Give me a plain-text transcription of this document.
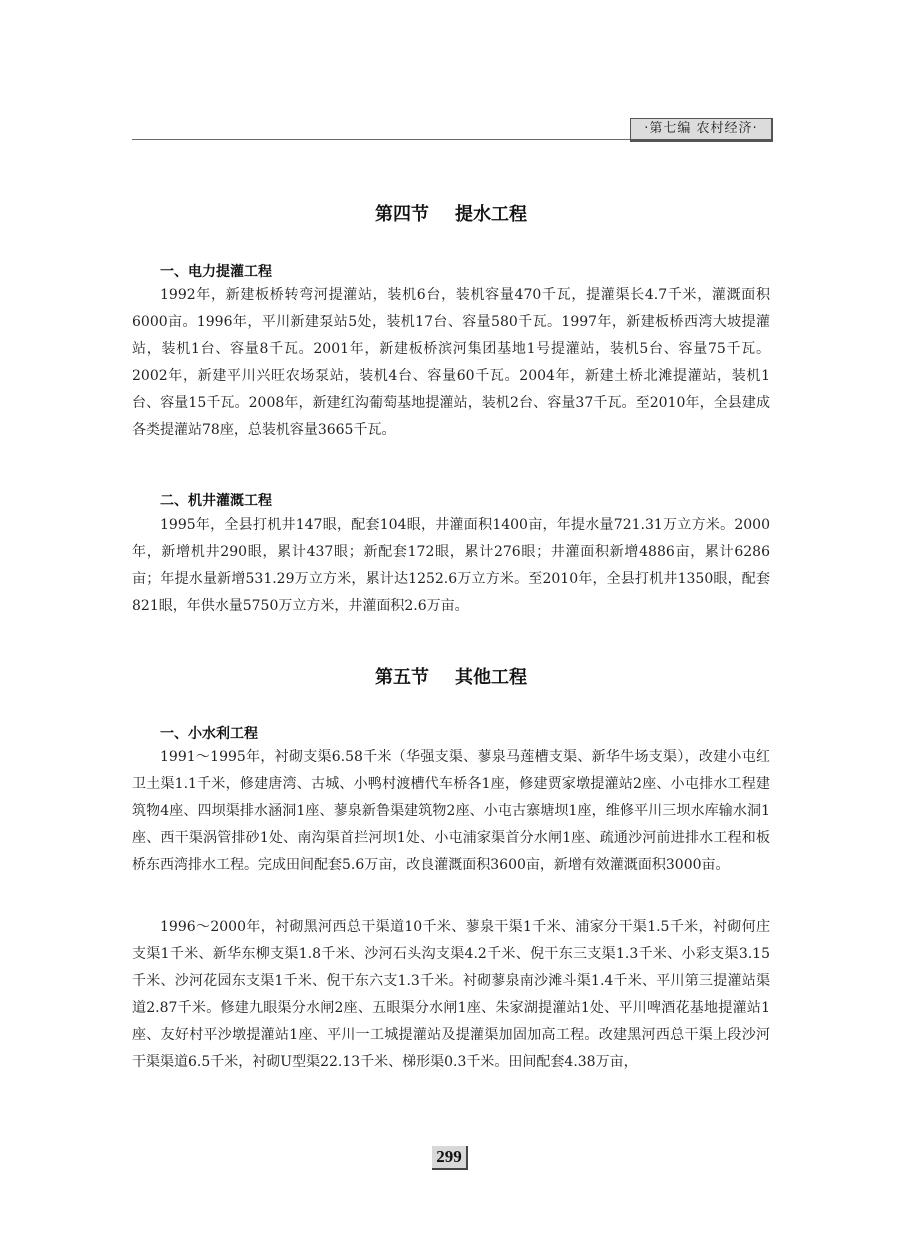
·第七编 农村经济·
第四节 提水工程
一、电力提灌工程
1992年，新建板桥转弯河提灌站，装机6台，装机容量470千瓦，提灌渠长4.7千米，灌溉面积6000亩。1996年，平川新建泵站5处，装机17台、容量580千瓦。1997年，新建板桥西湾大坡提灌站，装机1台、容量8千瓦。2001年，新建板桥滨河集团基地1号提灌站，装机5台、容量75千瓦。2002年，新建平川兴旺农场泵站，装机4台、容量60千瓦。2004年，新建土桥北滩提灌站，装机1台、容量15千瓦。2008年，新建红沟葡萄基地提灌站，装机2台、容量37千瓦。至2010年，全县建成各类提灌站78座，总装机容量3665千瓦。
二、机井灌溉工程
1995年，全县打机井147眼，配套104眼，井灌面积1400亩，年提水量721.31万立方米。2000年，新增机井290眼，累计437眼；新配套172眼，累计276眼；井灌面积新增4886亩，累计6286亩；年提水量新增531.29万立方米，累计达1252.6万立方米。至2010年，全县打机井1350眼，配套821眼，年供水量5750万立方米，井灌面积2.6万亩。
第五节 其他工程
一、小水利工程
1991～1995年，衬砌支渠6.58千米（华强支渠、蓼泉马莲槽支渠、新华牛场支渠），改建小屯红卫土渠1.1千米，修建唐湾、古城、小鸭村渡槽代车桥各1座，修建贾家墩提灌站2座、小屯排水工程建筑物4座、四坝渠排水涵洞1座、蓼泉新鲁渠建筑物2座、小屯古寨塘坝1座，维修平川三坝水库输水洞1座、西干渠涡管排砂1处、南沟渠首拦河坝1处、小屯浦家渠首分水闸1座、疏通沙河前进排水工程和板桥东西湾排水工程。完成田间配套5.6万亩，改良灌溉面积3600亩，新增有效灌溉面积3000亩。
1996～2000年，衬砌黑河西总干渠道10千米、蓼泉干渠1千米、浦家分干渠1.5千米，衬砌何庄支渠1千米、新华东柳支渠1.8千米、沙河石头沟支渠4.2千米、倪干东三支渠1.3千米、小彩支渠3.15千米、沙河花园东支渠1千米、倪干东六支1.3千米。衬砌蓼泉南沙滩斗渠1.4千米、平川第三提灌站渠道2.87千米。修建九眼渠分水闸2座、五眼渠分水闸1座、朱家湖提灌站1处、平川啤酒花基地提灌站1座、友好村平沙墩提灌站1座、平川一工城提灌站及提灌渠加固加高工程。改建黑河西总干渠上段沙河干渠渠道6.5千米，衬砌U型渠22.13千米、梯形渠0.3千米。田间配套4.38万亩，
299
